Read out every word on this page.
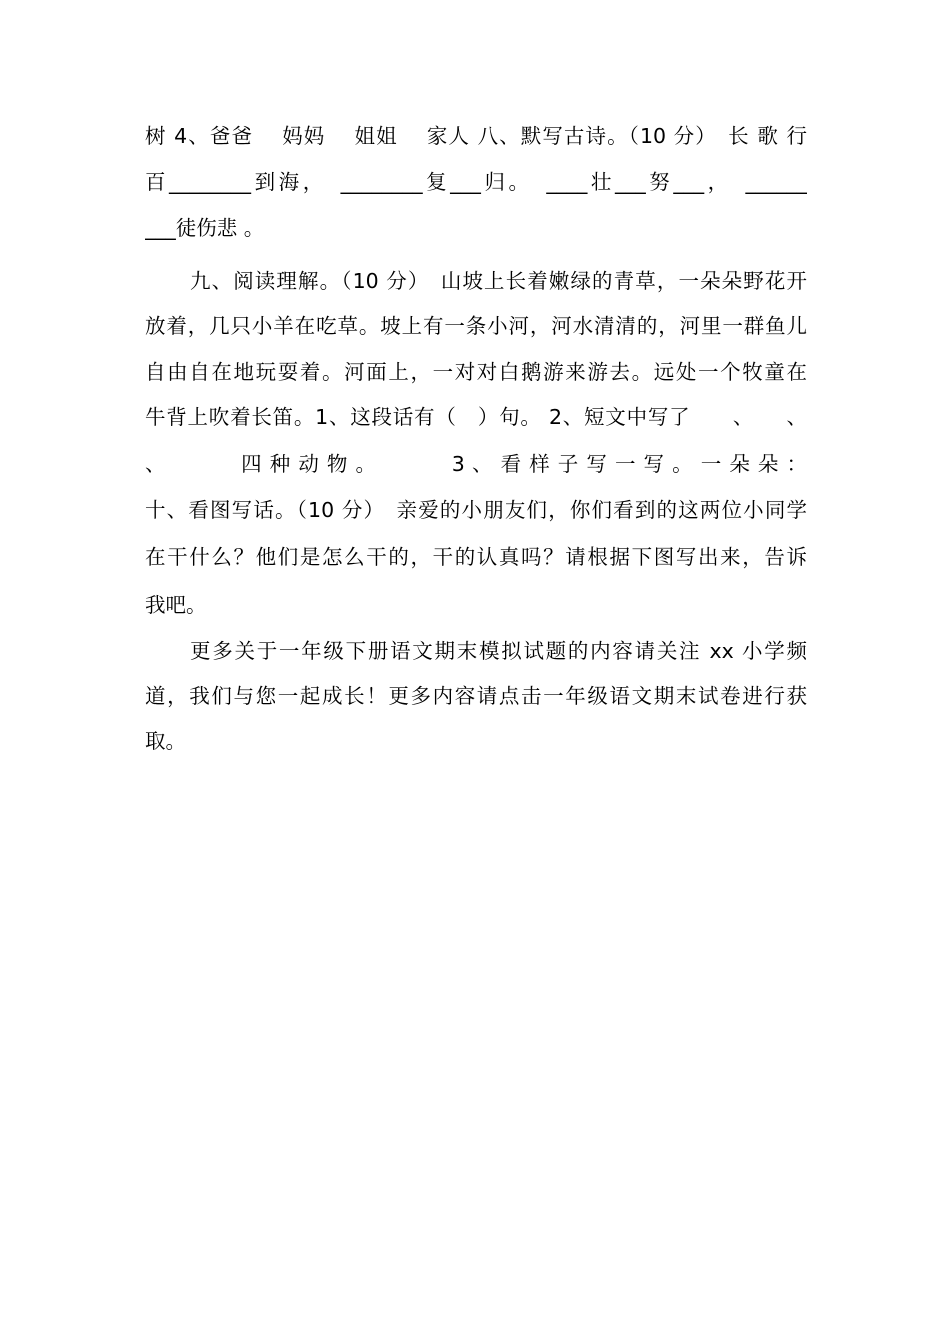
树 4、爸爸　 妈妈　 姐姐　 家人 八、默写古诗。（10 分）　长 歌 行
百________到海，　________复___归。　____壮___努___，　______
___徒伤悲 。
九、阅读理解。（10 分）　山坡上长着嫩绿的青草，一朵朵野花开
放着，几只小羊在吃草。坡上有一条小河，河水清清的，河里一群鱼儿
自由自在地玩耍着。河面上，一对对白鹅游来游去。远处一个牧童在
牛背上吹着长笛。1、这段话有（　）句。 2、短文中写了　　、　　、
、　　　　四 种 动 物 。　　　　3 、 看 样 子 写 一 写 。 一 朵 朵 ：
十、看图写话。（10 分）　亲爱的小朋友们，你们看到的这两位小同学
在干什么？他们是怎么干的，干的认真吗？请根据下图写出来，告诉
我吧。
更多关于一年级下册语文期末模拟试题的内容请关注 xx 小学频
道，我们与您一起成长！更多内容请点击一年级语文期末试卷进行获
取。
